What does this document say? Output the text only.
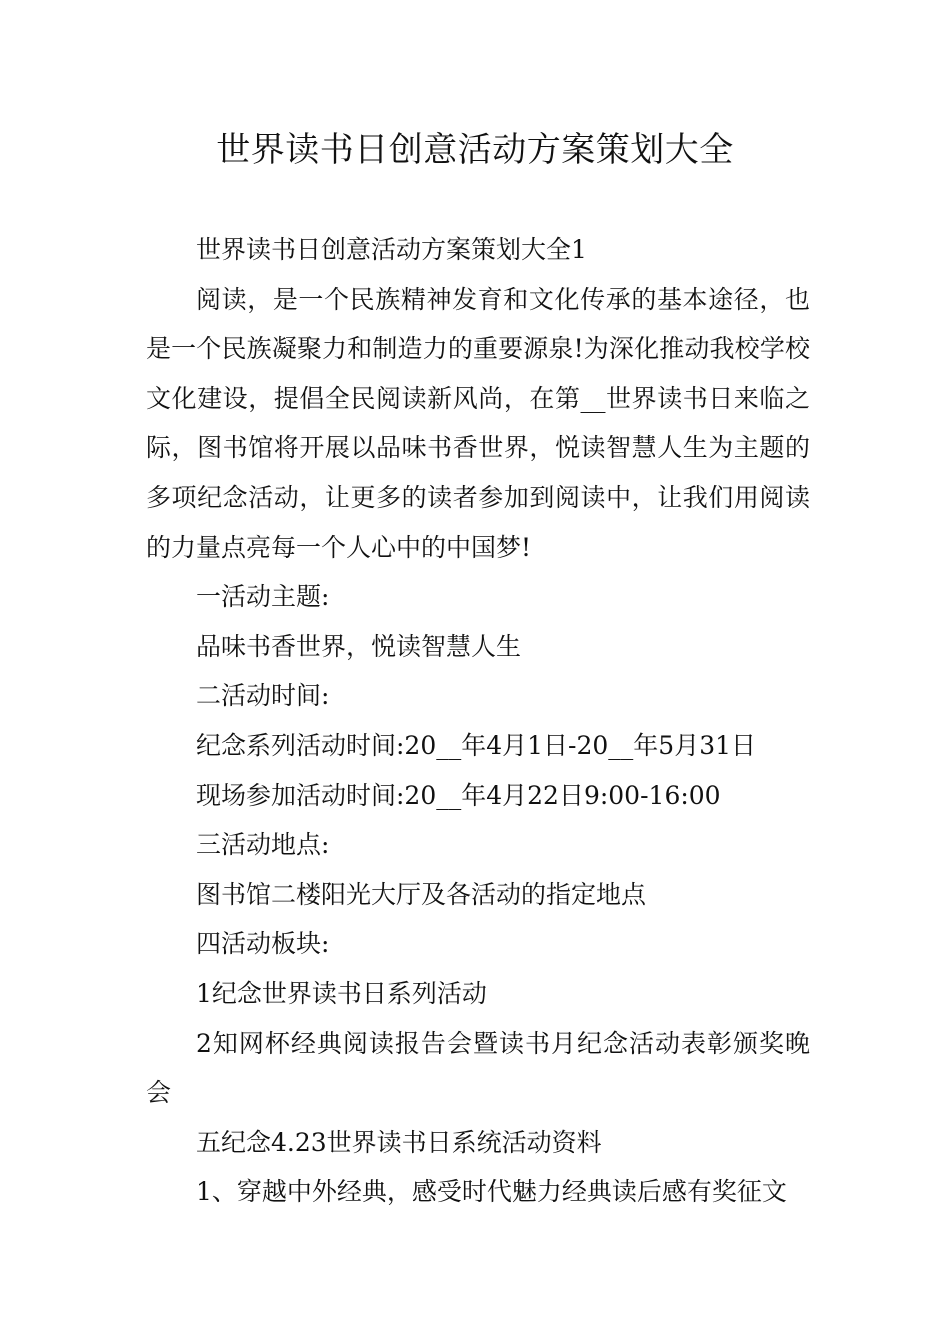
世界读书日创意活动方案策划大全

世界读书日创意活动方案策划大全1

阅读，是一个民族精神发育和文化传承的基本途径，也是一个民族凝聚力和制造力的重要源泉!为深化推动我校学校文化建设，提倡全民阅读新风尚，在第__世界读书日来临之际，图书馆将开展以品味书香世界，悦读智慧人生为主题的多项纪念活动，让更多的读者参加到阅读中，让我们用阅读的力量点亮每一个人心中的中国梦!

一活动主题:

品味书香世界，悦读智慧人生

二活动时间:

纪念系列活动时间:20__年4月1日-20__年5月31日

现场参加活动时间:20__年4月22日9:00-16:00

三活动地点:

图书馆二楼阳光大厅及各活动的指定地点

四活动板块:

1纪念世界读书日系列活动

2知网杯经典阅读报告会暨读书月纪念活动表彰颁奖晚会

五纪念4.23世界读书日系统活动资料

1、穿越中外经典，感受时代魅力经典读后感有奖征文
